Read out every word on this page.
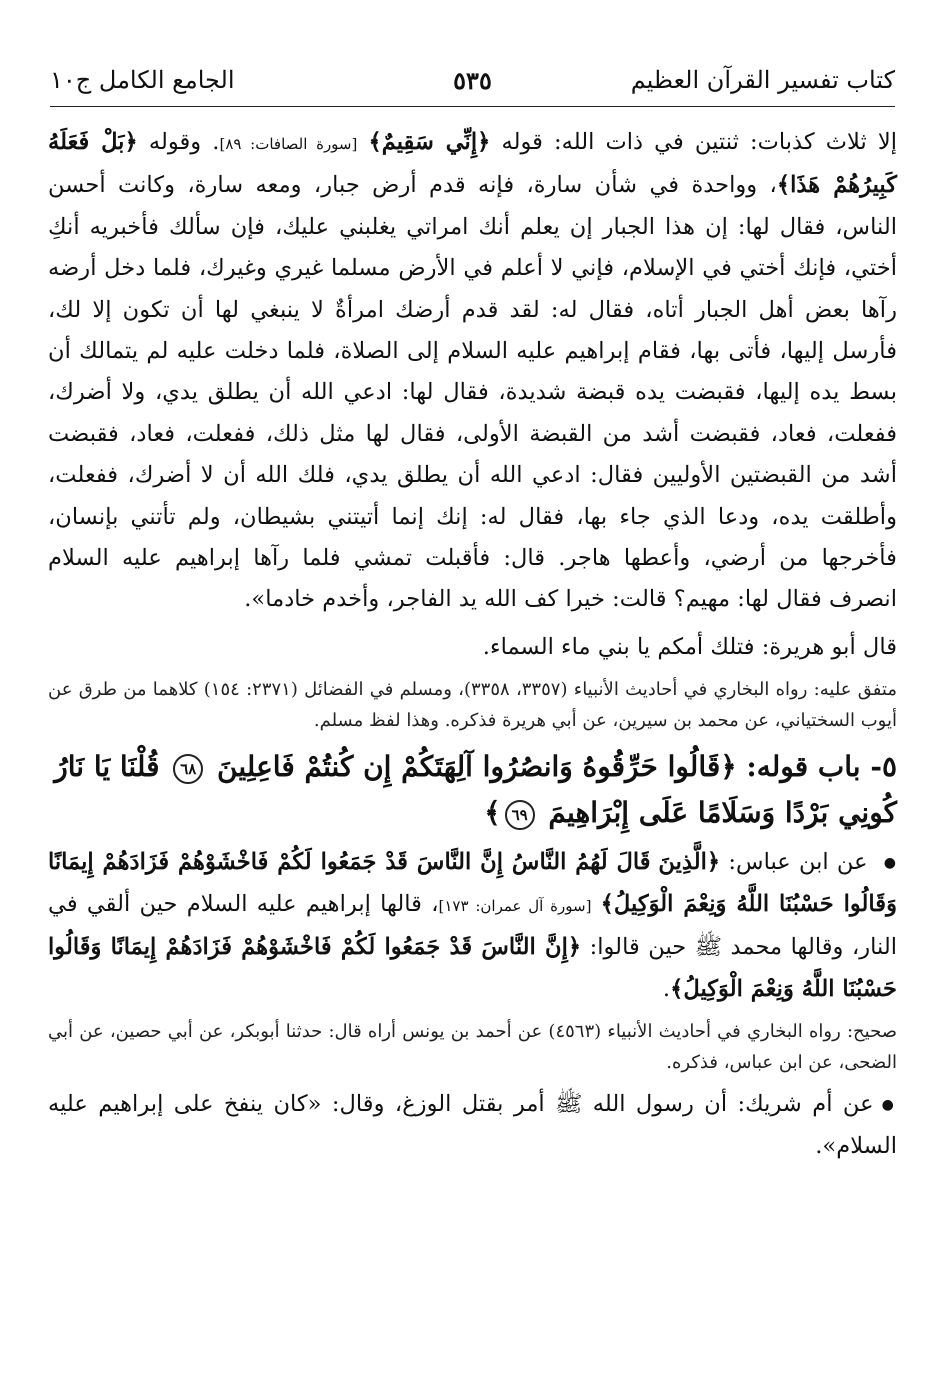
كتاب تفسير القرآن العظيم
٥٣٥
الجامع الكامل ج١٠

إلا ثلاث كذبات: ثنتين في ذات الله: قوله ﴿إِنِّي سَقِيمٌ﴾ [سورة الصافات: ٨٩]. وقوله ﴿بَلْ فَعَلَهُ كَبِيرُهُمْ هَذَا﴾، وواحدة في شأن سارة، فإنه قدم أرض جبار، ومعه سارة، وكانت أحسن الناس، فقال لها: إن هذا الجبار إن يعلم أنك امراتي يغلبني عليك، فإن سألك فأخبريه أنكِ أختي، فإنك أختي في الإسلام، فإني لا أعلم في الأرض مسلما غيري وغيرك، فلما دخل أرضه رآها بعض أهل الجبار أتاه، فقال له: لقد قدم أرضك امرأةٌ لا ينبغي لها أن تكون إلا لك، فأرسل إليها، فأتى بها، فقام إبراهيم عليه السلام إلى الصلاة، فلما دخلت عليه لم يتمالك أن بسط يده إليها، فقبضت يده قبضة شديدة، فقال لها: ادعي الله أن يطلق يدي، ولا أضرك، ففعلت، فعاد، فقبضت أشد من القبضة الأولى، فقال لها مثل ذلك، ففعلت، فعاد، فقبضت أشد من القبضتين الأوليين فقال: ادعي الله أن يطلق يدي، فلك الله أن لا أضرك، ففعلت، وأطلقت يده، ودعا الذي جاء بها، فقال له: إنك إنما أتيتني بشيطان، ولم تأتني بإنسان، فأخرجها من أرضي، وأعطها هاجر. قال: فأقبلت تمشي فلما رآها إبراهيم عليه السلام انصرف فقال لها: مهيم؟ قالت: خيرا كف الله يد الفاجر، وأخدم خادما».

قال أبو هريرة: فتلك أمكم يا بني ماء السماء.

متفق عليه: رواه البخاري في أحاديث الأنبياء (٣٣٥٧، ٣٣٥٨)، ومسلم في الفضائل (٢٣٧١: ١٥٤) كلاهما من طرق عن أيوب السختياني، عن محمد بن سيرين، عن أبي هريرة فذكره. وهذا لفظ مسلم.

٥- باب قوله: ﴿قَالُوا حَرِّقُوهُ وَانصُرُوا آلِهَتَكُمْ إِن كُنتُمْ فَاعِلِينَ ٦٨ قُلْنَا يَا نَارُ كُونِي بَرْدًا وَسَلَامًا عَلَى إِبْرَاهِيمَ ٦٩﴾

● عن ابن عباس: ﴿الَّذِينَ قَالَ لَهُمُ النَّاسُ إِنَّ النَّاسَ قَدْ جَمَعُوا لَكُمْ فَاخْشَوْهُمْ فَزَادَهُمْ إِيمَانًا وَقَالُوا حَسْبُنَا اللَّهُ وَنِعْمَ الْوَكِيلُ﴾ [سورة آل عمران: ١٧٣]، قالها إبراهيم عليه السلام حين ألقي في النار، وقالها محمد ﷺ حين قالوا: ﴿إِنَّ النَّاسَ قَدْ جَمَعُوا لَكُمْ فَاخْشَوْهُمْ فَزَادَهُمْ إِيمَانًا وَقَالُوا حَسْبُنَا اللَّهُ وَنِعْمَ الْوَكِيلُ﴾.

صحيح: رواه البخاري في أحاديث الأنبياء (٤٥٦٣) عن أحمد بن يونس أراه قال: حدثنا أبوبكر، عن أبي حصين، عن أبي الضحى، عن ابن عباس، فذكره.

● عن أم شريك: أن رسول الله ﷺ أمر بقتل الوزغ، وقال: «كان ينفخ على إبراهيم عليه السلام».
